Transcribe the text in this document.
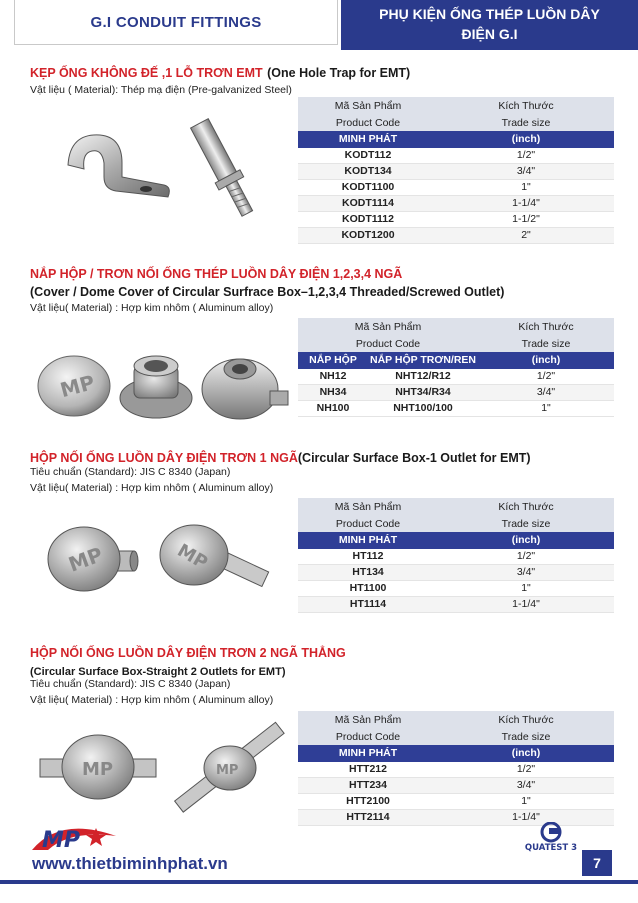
G.I CONDUIT FITTINGS	PHỤ KIỆN ỐNG THÉP LUỒN DÂY
ĐIỆN G.I
KẸP ỐNG KHÔNG ĐẾ ,1 LỖ TRƠN EMT (One Hole Trap for EMT)
Vật liệu ( Material): Thép mạ điện (Pre-galvanized Steel)
Mã Sản Phẩm	Kích Thước
Product Code	Trade size
MINH PHÁT	(inch)
KODT112	1/2"
KODT134	3/4"
KODT1100	1"
KODT1114	1-1/4"
KODT1112	1-1/2"
KODT1200	2"
NẮP HỘP / TRƠN NỐI ỐNG THÉP LUỒN DÂY ĐIỆN 1,2,3,4 NGÃ
(Cover / Dome Cover of Circular Surfrace Box–1,2,3,4 Threaded/Screwed Outlet)
Vật liệu( Material) : Hợp kim nhôm ( Aluminum alloy)
MP
Mã Sản Phẩm		Kích Thước
Product Code		Trade size
NẮP HỘP	NẮP HỘP TRƠN/REN	(inch)
NH12	NHT12/R12	1/2"
NH34	NHT34/R34	3/4"
NH100	NHT100/100	1"
HỘP NỐI ỐNG LUỒN DÂY ĐIỆN TRƠN 1 NGÃ(Circular Surface Box-1 Outlet for EMT)
Tiêu chuẩn (Standard): JIS C 8340 (Japan)
Vật liệu( Material) : Hợp kim nhôm ( Aluminum alloy)
MP	MP
Mã Sản Phẩm	Kích Thước
Product Code	Trade size
MINH PHÁT	(inch)
HT112	1/2"
HT134	3/4"
HT1100	1"
HT1114	1-1/4"
HỘP NỐI ỐNG LUỒN DÂY ĐIỆN TRƠN 2 NGÃ THẲNG
(Circular Surface Box-Straight 2 Outlets for EMT)
Tiêu chuẩn (Standard): JIS C 8340 (Japan)
Vật liệu( Material) : Hợp kim nhôm ( Aluminum alloy)
MP	MP
Mã Sản Phẩm	Kích Thước
Product Code	Trade size
MINH PHÁT	(inch)
HTT212	1/2"
HTT234	3/4"
HTT2100	1"
HTT2114	1-1/4"
MP	QUATEST 3
www.thietbiminhphat.vn	7
